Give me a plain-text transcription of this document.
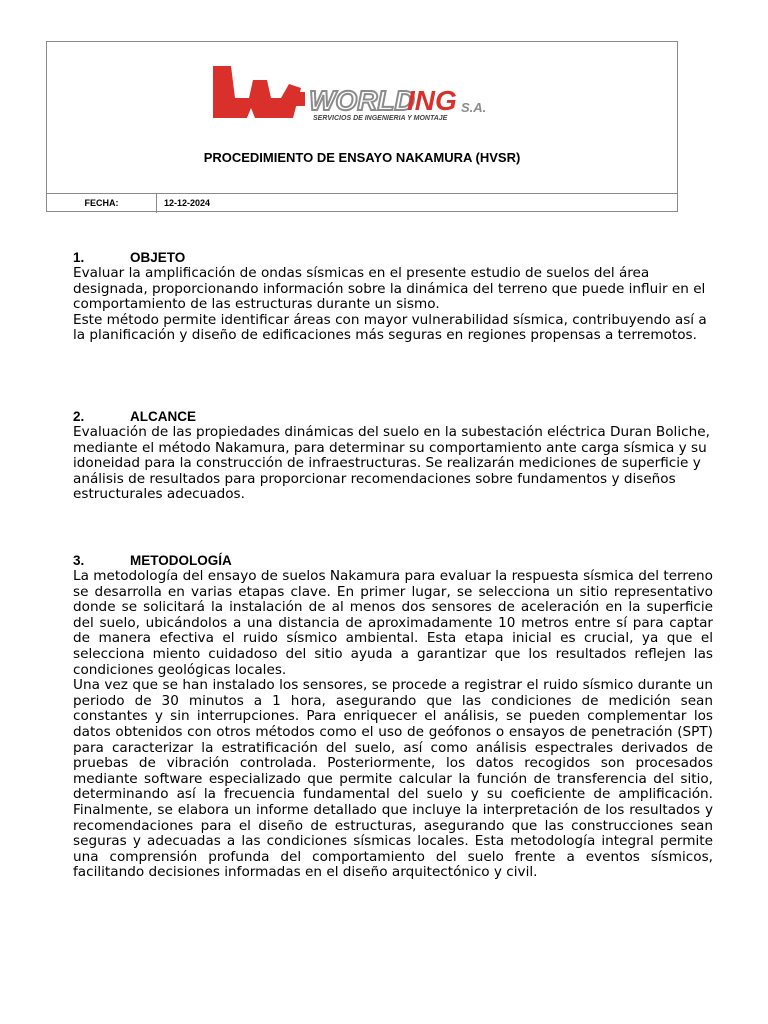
WORLD
ING S.A.
SERVICIOS DE INGENIERIA Y MONTAJE
PROCEDIMIENTO DE ENSAYO NAKAMURA (HVSR)
FECHA:	12-12-2024
1.	OBJETO

Evaluar la amplificación de ondas sísmicas en el presente estudio de suelos del área designada, proporcionando información sobre la dinámica del terreno que puede influir en el comportamiento de las estructuras durante un sismo.

Este método permite identificar áreas con mayor vulnerabilidad sísmica, contribuyendo así a la planificación y diseño de edificaciones más seguras en regiones propensas a terremotos.

2.	ALCANCE

Evaluación de las propiedades dinámicas del suelo en la subestación eléctrica Duran Boliche, mediante el método Nakamura, para determinar su comportamiento ante carga sísmica y su idoneidad para la construcción de infraestructuras. Se realizarán mediciones de superficie y análisis de resultados para proporcionar recomendaciones sobre fundamentos y diseños estructurales adecuados.

3.	METODOLOGÍA

La metodología del ensayo de suelos Nakamura para evaluar la respuesta sísmica del terreno se desarrolla en varias etapas clave. En primer lugar, se selecciona un sitio representativo donde se solicitará la instalación de al menos dos sensores de aceleración en la superficie del suelo, ubicándolos a una distancia de aproximadamente 10 metros entre sí para captar de manera efectiva el ruido sísmico ambiental. Esta etapa inicial es crucial, ya que el selecciona miento cuidadoso del sitio ayuda a garantizar que los resultados reflejen las condiciones geológicas locales.

Una vez que se han instalado los sensores, se procede a registrar el ruido sísmico durante un periodo de 30 minutos a 1 hora, asegurando que las condiciones de medición sean constantes y sin interrupciones. Para enriquecer el análisis, se pueden complementar los datos obtenidos con otros métodos como el uso de geófonos o ensayos de penetración (SPT) para caracterizar la estratificación del suelo, así como análisis espectrales derivados de pruebas de vibración controlada. Posteriormente, los datos recogidos son procesados mediante software especializado que permite calcular la función de transferencia del sitio, determinando así la frecuencia fundamental del suelo y su coeficiente de amplificación. Finalmente, se elabora un informe detallado que incluye la interpretación de los resultados y recomendaciones para el diseño de estructuras, asegurando que las construcciones sean seguras y adecuadas a las condiciones sísmicas locales. Esta metodología integral permite una comprensión profunda del comportamiento del suelo frente a eventos sísmicos, facilitando decisiones informadas en el diseño arquitectónico y civil.
